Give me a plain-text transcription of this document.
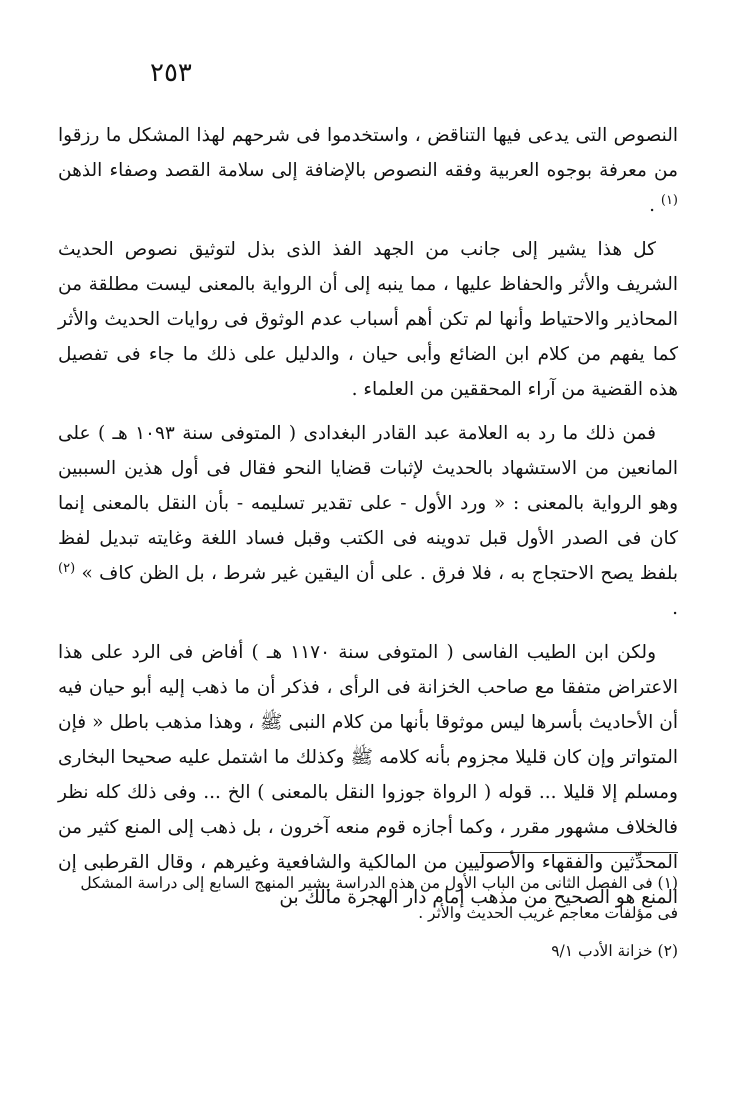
٢٥٣

النصوص التى يدعى فيها التناقض ، واستخدموا فى شرحهم لهذا المشكل ما رزقوا من معرفة بوجوه العربية وفقه النصوص بالإضافة إلى سلامة القصد وصفاء الذهن $^{(١)}$ .

كل هذا يشير إلى جانب من الجهد الفذ الذى بذل لتوثيق نصوص الحديث الشريف والأثر والحفاظ عليها ، مما ينبه إلى أن الرواية بالمعنى ليست مطلقة من المحاذير والاحتياط وأنها لم تكن أهم أسباب عدم الوثوق فى روايات الحديث والأثر كما يفهم من كلام ابن الضائع وأبى حيان ، والدليل على ذلك ما جاء فى تفصيل هذه القضية من آراء المحققين من العلماء .

فمن ذلك ما رد به العلامة عبد القادر البغدادى ( المتوفى سنة ١٠٩٣ هـ ) على المانعين من الاستشهاد بالحديث لإثبات قضايا النحو فقال فى أول هذين السببين وهو الرواية بالمعنى : « ورد الأول - على تقدير تسليمه - بأن النقل بالمعنى إنما كان فى الصدر الأول قبل تدوينه فى الكتب وقبل فساد اللغة وغايته تبديل لفظ بلفظ يصح الاحتجاج به ، فلا فرق . على أن اليقين غير شرط ، بل الظن كاف » $^{(٢)}$ .

ولكن ابن الطيب الفاسى ( المتوفى سنة ١١٧٠ هـ ) أفاض فى الرد على هذا الاعتراض متفقا مع صاحب الخزانة فى الرأى ، فذكر أن ما ذهب إليه أبو حيان فيه أن الأحاديث بأسرها ليس موثوقا بأنها من كلام النبى ﷺ ، وهذا مذهب باطل « فإن المتواتر وإن كان قليلا مجزوم بأنه كلامه ﷺ وكذلك ما اشتمل عليه صحيحا البخارى ومسلم إلا قليلا ... قوله ( الرواة جوزوا النقل بالمعنى ) الخ ... وفى ذلك كله نظر فالخلاف مشهور مقرر ، وكما أجازه قوم منعه آخرون ، بل ذهب إلى المنع كثير من المحدِّثين والفقهاء والأصوليين من المالكية والشافعية وغيرهم ، وقال القرطبى إن المنع هو الصحيح من مذهب إمام دار الهجرة مالك بن

(١) فى الفصل الثانى من الباب الأول من هذه الدراسة يشير المنهج السابع إلى دراسة المشكل فى مؤلفات معاجم غريب الحديث والأثر .

(٢) خزانة الأدب ٩/١
